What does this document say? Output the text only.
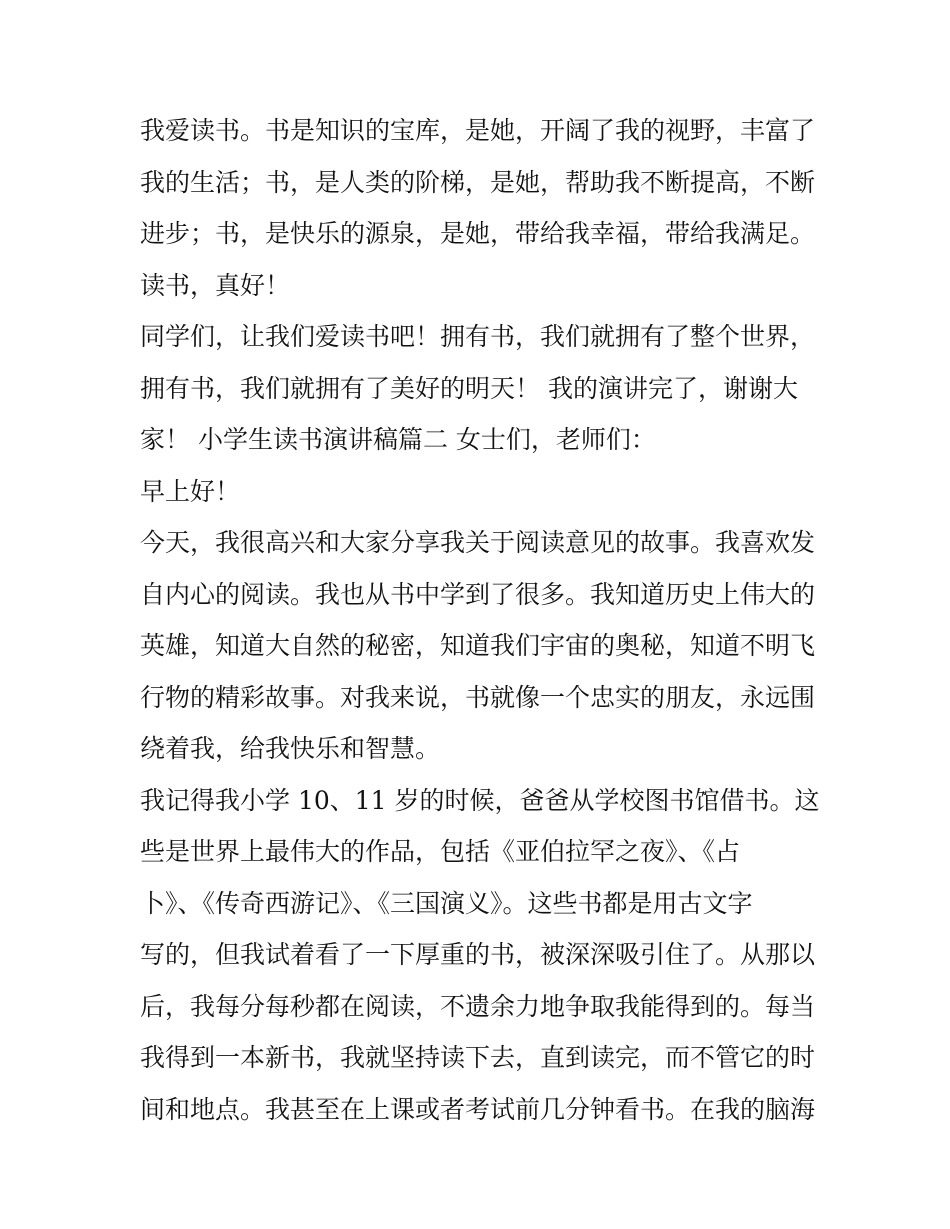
我爱读书。书是知识的宝库，是她，开阔了我的视野，丰富了
我的生活；书，是人类的阶梯，是她，帮助我不断提高，不断
进步；书，是快乐的源泉，是她，带给我幸福，带给我满足。
读书，真好！
同学们，让我们爱读书吧！拥有书，我们就拥有了整个世界，
拥有书，我们就拥有了美好的明天！ 我的演讲完了，谢谢大
家！ 小学生读书演讲稿篇二 女士们，老师们：
早上好！
今天，我很高兴和大家分享我关于阅读意见的故事。我喜欢发
自内心的阅读。我也从书中学到了很多。我知道历史上伟大的
英雄，知道大自然的秘密，知道我们宇宙的奥秘，知道不明飞
行物的精彩故事。对我来说，书就像一个忠实的朋友，永远围
绕着我，给我快乐和智慧。
我记得我小学 10、11 岁的时候，爸爸从学校图书馆借书。这
些是世界上最伟大的作品，包括《亚伯拉罕之夜》、《占
卜》、《传奇西游记》、《三国演义》。这些书都是用古文字
写的，但我试着看了一下厚重的书，被深深吸引住了。从那以
后，我每分每秒都在阅读，不遗余力地争取我能得到的。每当
我得到一本新书，我就坚持读下去，直到读完，而不管它的时
间和地点。我甚至在上课或者考试前几分钟看书。在我的脑海
